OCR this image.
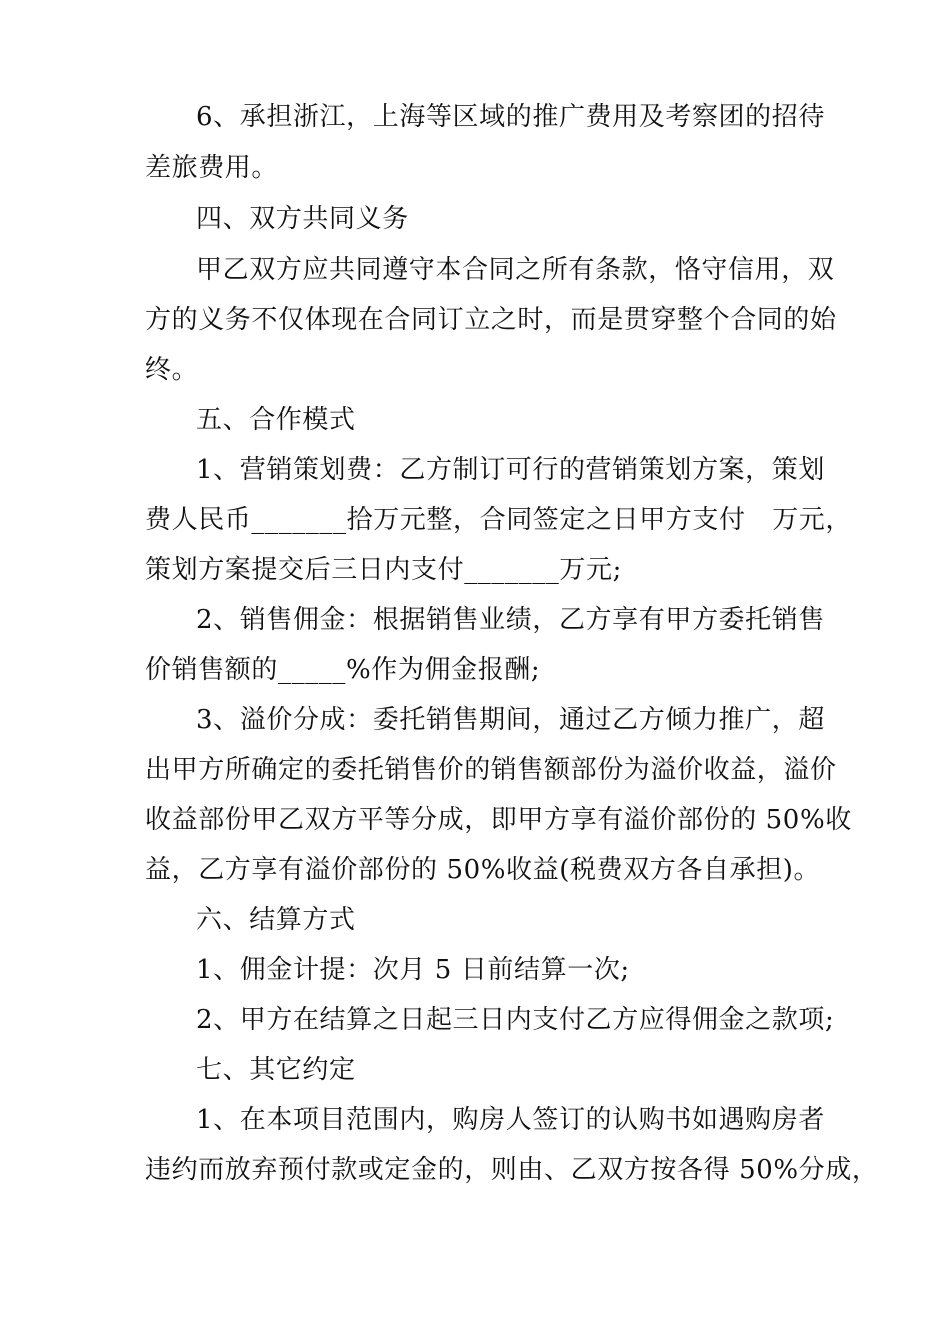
6、承担浙江，上海等区域的推广费用及考察团的招待
差旅费用。
四、双方共同义务
甲乙双方应共同遵守本合同之所有条款，恪守信用，双
方的义务不仅体现在合同订立之时，而是贯穿整个合同的始
终。
五、合作模式
1、营销策划费：乙方制订可行的营销策划方案，策划
费人民币_______拾万元整，合同签定之日甲方支付   万元，
策划方案提交后三日内支付_______万元;
2、销售佣金：根据销售业绩，乙方享有甲方委托销售
价销售额的_____%作为佣金报酬;
3、溢价分成：委托销售期间，通过乙方倾力推广，超
出甲方所确定的委托销售价的销售额部份为溢价收益，溢价
收益部份甲乙双方平等分成，即甲方享有溢价部份的 50%收
益，乙方享有溢价部份的 50%收益(税费双方各自承担)。
六、结算方式
1、佣金计提：次月 5 日前结算一次;
2、甲方在结算之日起三日内支付乙方应得佣金之款项;
七、其它约定
1、在本项目范围内，购房人签订的认购书如遇购房者
违约而放弃预付款或定金的，则由、乙双方按各得 50%分成，
